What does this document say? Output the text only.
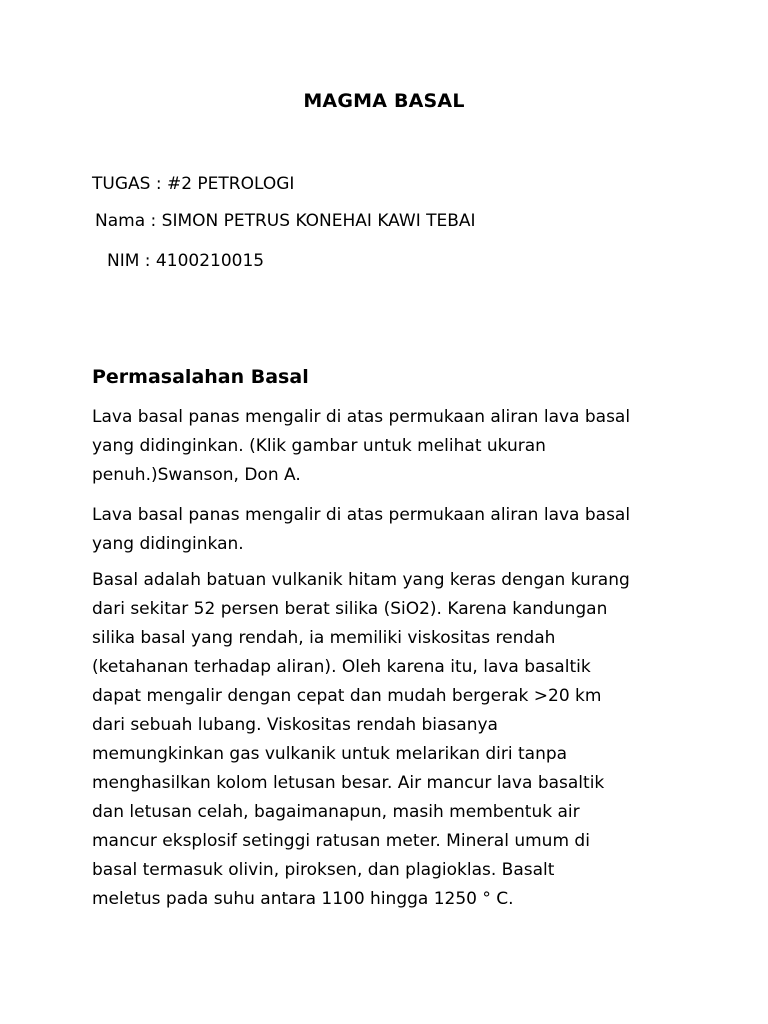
MAGMA BASAL
TUGAS : #2 PETROLOGI
Nama : SIMON PETRUS KONEHAI KAWI TEBAI
NIM : 4100210015
Permasalahan Basal
Lava basal panas mengalir di atas permukaan aliran lava basal
yang didinginkan. (Klik gambar untuk melihat ukuran
penuh.)Swanson, Don A.
Lava basal panas mengalir di atas permukaan aliran lava basal
yang didinginkan.
Basal adalah batuan vulkanik hitam yang keras dengan kurang
dari sekitar 52 persen berat silika (SiO2). Karena kandungan
silika basal yang rendah, ia memiliki viskositas rendah
(ketahanan terhadap aliran). Oleh karena itu, lava basaltik
dapat mengalir dengan cepat dan mudah bergerak >20 km
dari sebuah lubang. Viskositas rendah biasanya
memungkinkan gas vulkanik untuk melarikan diri tanpa
menghasilkan kolom letusan besar. Air mancur lava basaltik
dan letusan celah, bagaimanapun, masih membentuk air
mancur eksplosif setinggi ratusan meter. Mineral umum di
basal termasuk olivin, piroksen, dan plagioklas. Basalt
meletus pada suhu antara 1100 hingga 1250 ° C.
